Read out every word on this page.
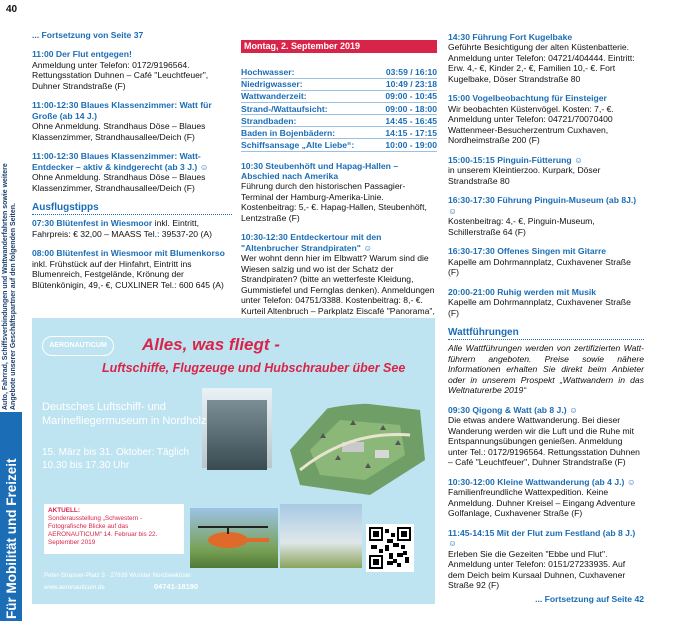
40
Auto, Fahrrad, Schiffsverbindungen und Wattwanderfahrten sowie weitere Angebote unserer Geschäftspartner auf den folgenden Seiten.
Für Mobilität und Freizeit
... Fortsetzung von Seite 37
11:00 Der Flut entgegen!
Anmeldung unter Telefon: 0172/9196564. Rettungsstation Duhnen – Café "Leuchtfeuer", Duhner Strandstraße (F)
11:00-12:30 Blaues Klassenzimmer: Watt für Große (ab 14 J.)
Ohne Anmeldung. Strandhaus Döse – Blaues Klassenzimmer, Strandhausallee/Deich (F)
11:00-12:30 Blaues Klassenzimmer: Watt-Entdecker – aktiv & kindgerecht (ab 3 J.) ☺
Ohne Anmeldung. Strandhaus Döse – Blaues Klassenzimmer, Strandhausallee/Deich (F)
Ausflugstipps
07:30 Blütenfest in Wiesmoor inkl. Eintritt,
Fahrpreis: € 32,00 – MAASS Tel.: 39537-20 (A)
08:00 Blütenfest in Wiesmoor mit Blumenkorso
inkl. Frühstück auf der Hinfahrt, Eintritt ins Blumenreich, Festgelände, Krönung der Blütenkönigin, 49,- €, CUXLINER Tel.: 600 645 (A)
Montag, 2. September 2019
Hochwasser:	03:59 / 16:10
Niedrigwasser:	10:49 / 23:18
Wattwanderzeit:	09:00 - 10:45
Strand-/Wattaufsicht:	09:00 - 18:00
Strandbaden:	14:45 - 16:45
Baden in Bojenbädern:	14:15 - 17:15
Schiffsansage „Alte Liebe“:	10:00 - 19:00
10:30 Steubenhöft und Hapag-Hallen – Abschied nach Amerika
Führung durch den historischen Passagier-Terminal der Hamburg-Amerika-Linie. Kostenbeitrag: 5,- €. Hapag-Hallen, Steubenhöft, Lentzstraße (F)
10:30-12:30 Entdeckertour mit den "Altenbrucher Strandpiraten" ☺
Wer wohnt denn hier im Elbwatt? Warum sind die Wiesen salzig und wo ist der Schatz der Strandpiraten? (bitte an wetterfeste Kleidung, Gummistiefel und Fernglas denken). Anmeldungen unter Telefon: 04751/3388. Kostenbeitrag: 8,- €. Kurteil Altenbruch – Parkplatz Eiscafé "Panorama",
14:30 Führung Fort Kugelbake
Geführte Besichtigung der alten Küstenbatterie. Anmeldung unter Telefon: 04721/404444. Eintritt: Erw. 4,- €, Kinder 2,- €, Familien 10,- €. Fort Kugelbake, Döser Strandstraße 80
15:00 Vogelbeobachtung für Einsteiger
Wir beobachten Küstenvögel. Kosten: 7,- €. Anmeldung unter Telefon: 04721/70070400 Wattenmeer-Besucherzentrum Cuxhaven, Nordheimstraße 200 (F)
15:00-15:15 Pinguin-Fütterung ☺
in unserem Kleintierzoo. Kurpark, Döser Strandstraße 80
16:30-17:30 Führung Pinguin-Museum (ab 8J.) ☺
Kostenbeitrag: 4,- €, Pinguin-Museum, Schillerstraße 64 (F)
16:30-17:30 Offenes Singen mit Gitarre
Kapelle am Dohrmannplatz, Cuxhavener Straße (F)
20:00-21:00 Ruhig werden mit Musik
Kapelle am Dohrmannplatz, Cuxhavener Straße (F)
Wattführungen
Alle Wattführungen werden von zertifizierten Watt-führern angeboten. Preise sowie nähere Informationen erhalten Sie direkt beim Anbieter oder in unserem Prospekt „Wattwandern in das Weltnaturerbe 2019“
09:30 Qigong & Watt (ab 8 J.) ☺
Die etwas andere Wattwanderung. Bei dieser Wanderung werden wir die Luft und die Ruhe mit Entspannungsübungen genießen. Anmeldung unter Tel.: 0172/9196564. Rettungsstation Duhnen – Café "Leuchtfeuer", Duhner Strandstraße (F)
10:30-12:00 Kleine Wattwanderung (ab 4 J.) ☺
Familienfreundliche Wattexpedition. Keine Anmeldung. Duhner Kreisel – Eingang Adventure Golfanlage, Cuxhavener Straße (F)
11:45-14:15 Mit der Flut zum Festland (ab 8 J.) ☺
Erleben Sie die Gezeiten "Ebbe und Flut". Anmeldung unter Telefon: 0151/27233935. Auf dem Deich beim Kursaal Duhnen, Cuxhavener Straße 92 (F)
... Fortsetzung auf Seite 42
AERONAUTICUM	Alles, was fliegt -
Luftschiffe, Flugzeuge und Hubschrauber über See
Deutsches Luftschiff- und Marinefliegermuseum in Nordholz
15. März bis 31. Oktober: Täglich 10.30 bis 17.30 Uhr
AKTUELL:
Sonderausstellung „Schwestern - Fotografische Blicke auf das AERONAUTICUM“ 14. Februar bis 22. September 2019
Peter-Strasser-Platz 3 · 27639 Wurster Nordseeküste
www.aeronauticum.de	04741-18190
